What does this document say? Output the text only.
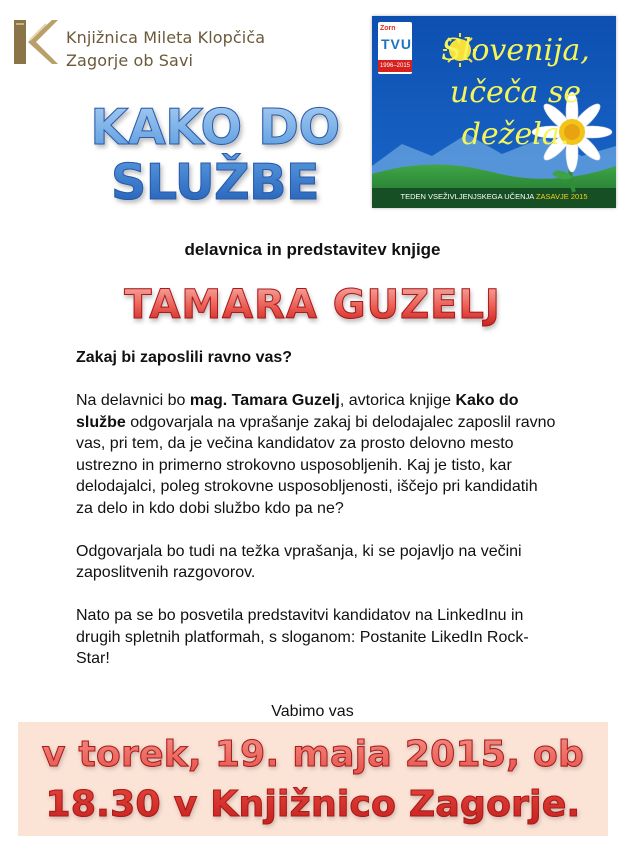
Knjižnica Mileta Klopčiča
Zagorje ob Savi
KAKO DO
SLUŽBE
Zorn
TVU
1996–2015	Slovenija,
učeča se
dežela.
TEDEN VSEŽIVLJENJSKEGA UČENJA ZASAVJE 2015
delavnica in predstavitev knjige
TAMARA GUZELJ

Zakaj bi zaposlili ravno vas?

Na delavnici bo mag. Tamara Guzelj, avtorica knjige Kako do službe odgovarjala na vprašanje zakaj bi delodajalec zaposlil ravno vas, pri tem, da je večina kandidatov za prosto delovno mesto ustrezno in primerno strokovno usposobljenih. Kaj je tisto, kar delodajalci, poleg strokovne usposobljenosti, iščejo pri kandidatih za delo in kdo dobi službo kdo pa ne?

Odgovarjala bo tudi na težka vprašanja, ki se pojavljo na večini zaposlitvenih razgovorov.

Nato pa se bo posvetila predstavitvi kandidatov na LinkedInu in drugih spletnih platformah, s sloganom: Postanite LikedIn Rock-Star!

Vabimo vas
v torek, 19. maja 2015, ob
18.30 v Knjižnico Zagorje.
